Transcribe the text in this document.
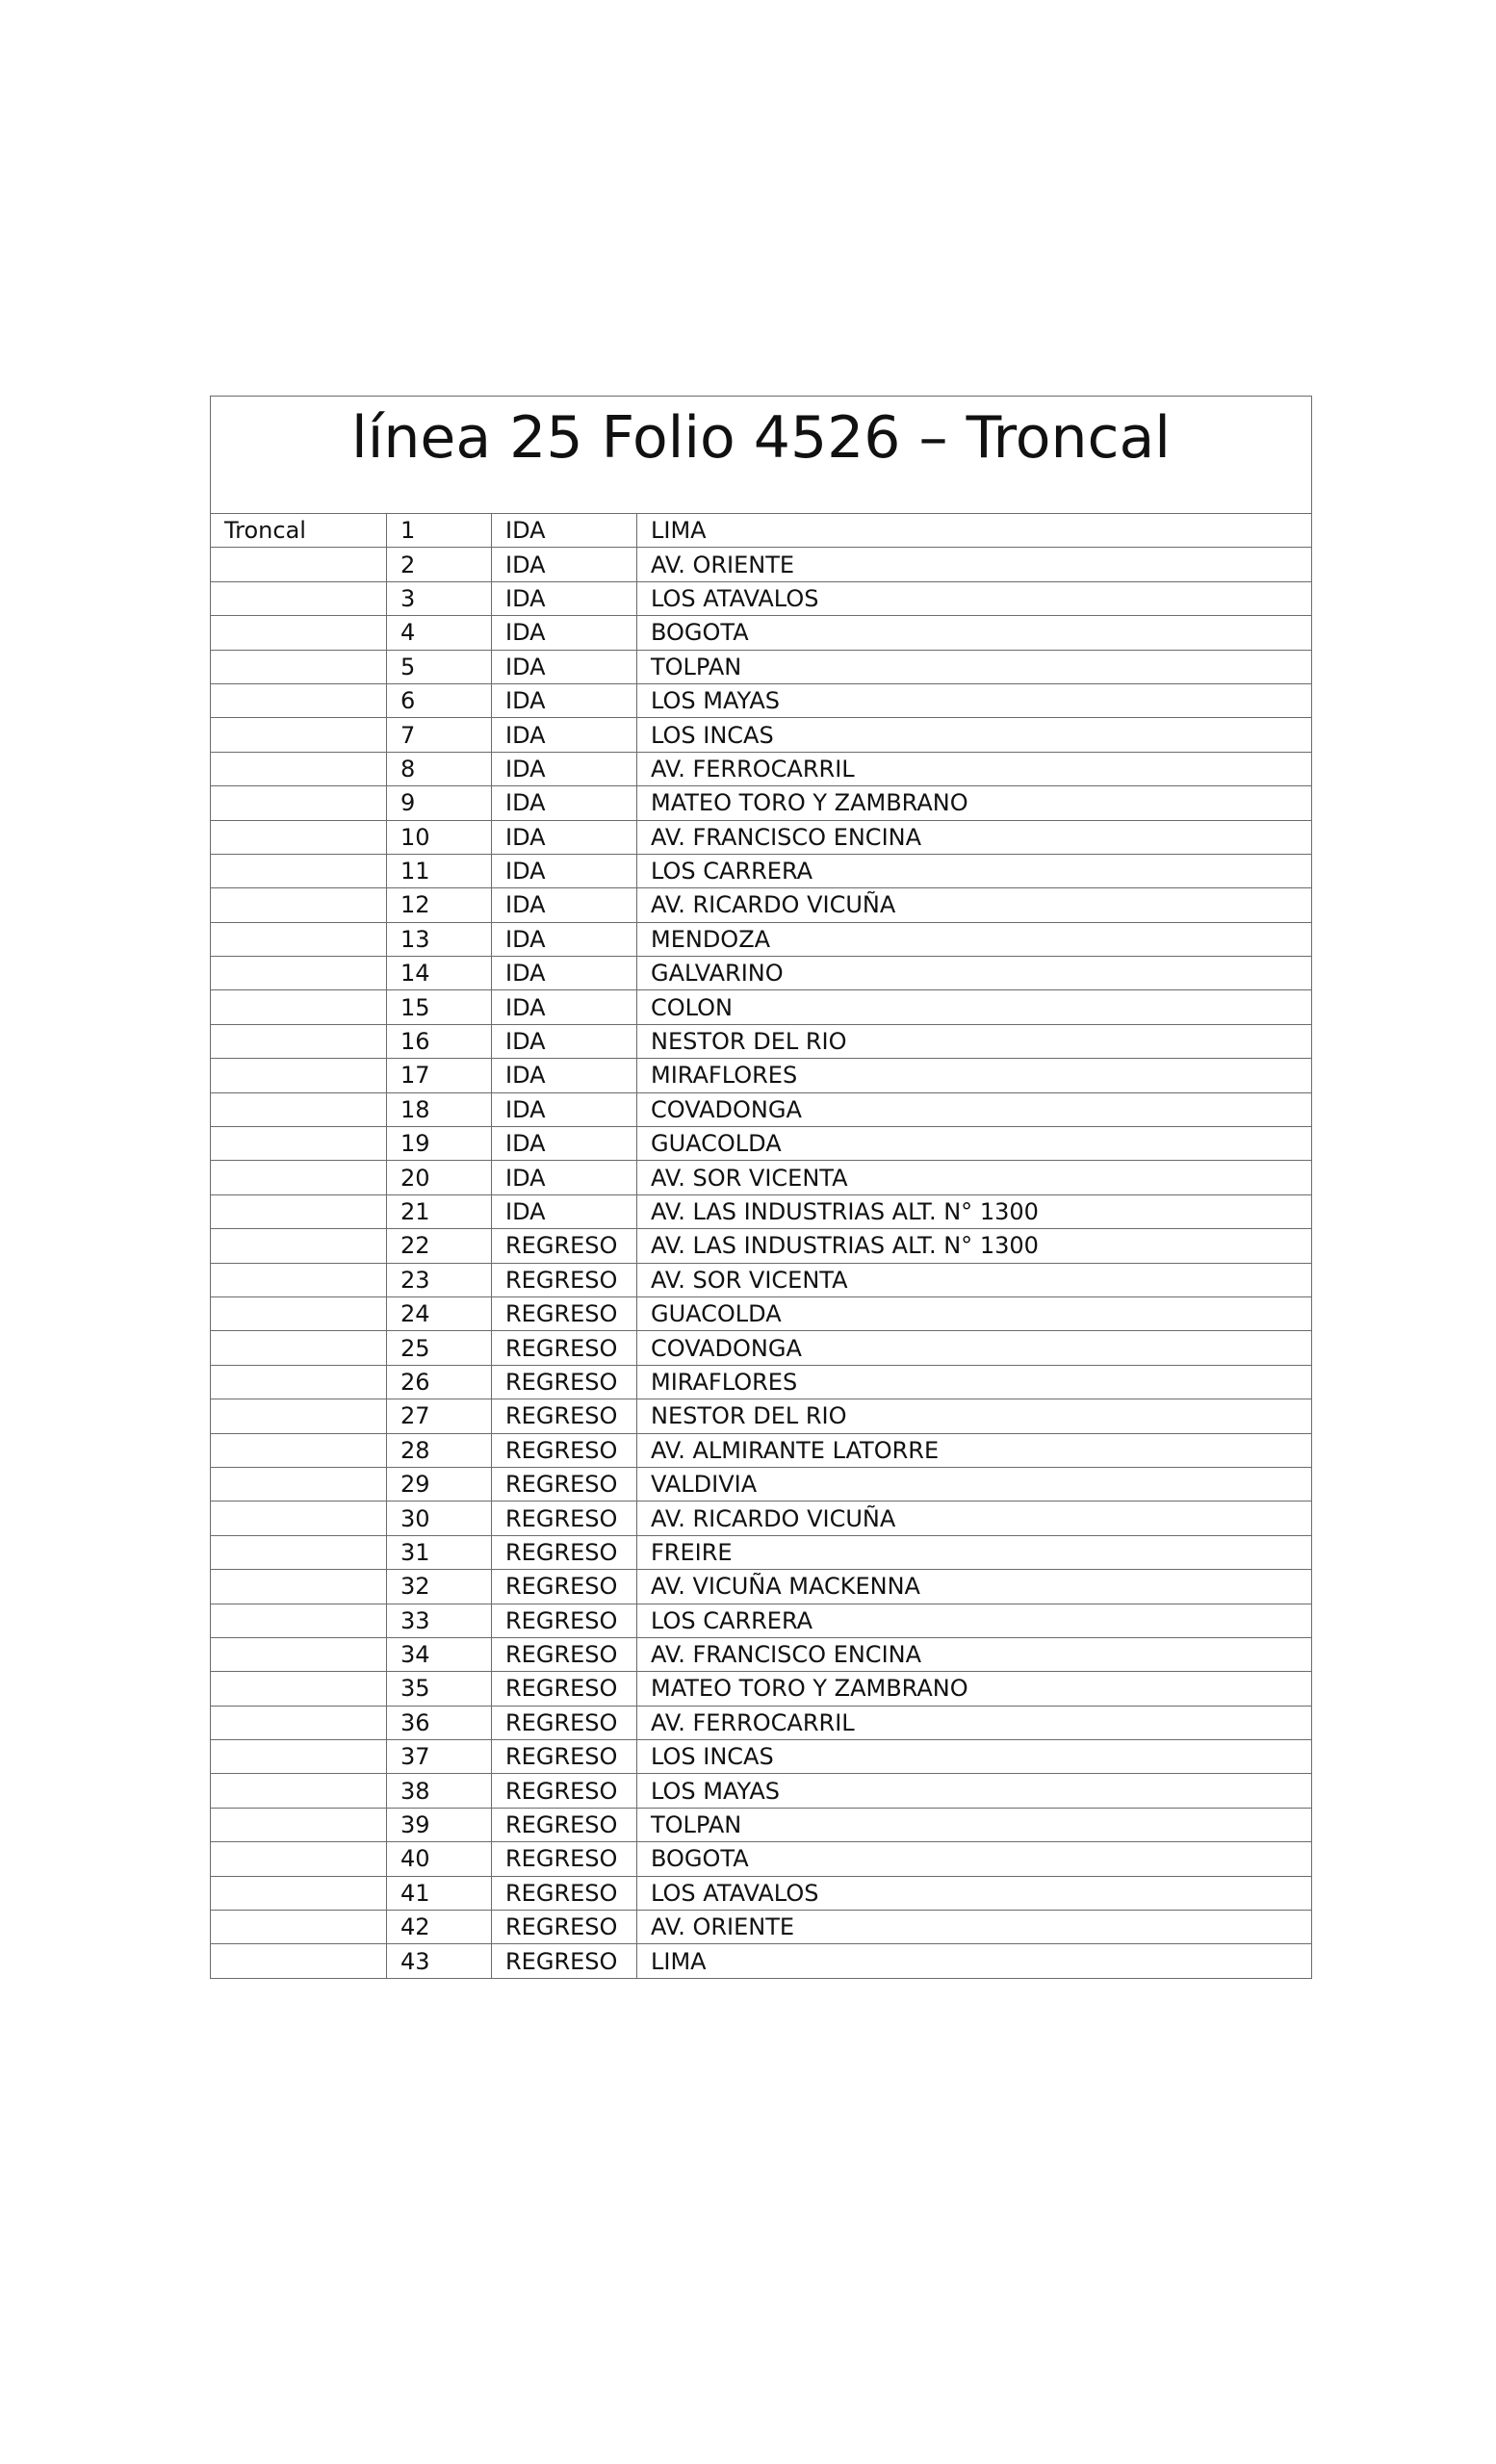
línea 25 Folio 4526 – Troncal			
Troncal	1	IDA	LIMA
	2	IDA	AV. ORIENTE
	3	IDA	LOS ATAVALOS
	4	IDA	BOGOTA
	5	IDA	TOLPAN
	6	IDA	LOS MAYAS
	7	IDA	LOS INCAS
	8	IDA	AV. FERROCARRIL
	9	IDA	MATEO TORO Y ZAMBRANO
	10	IDA	AV. FRANCISCO ENCINA
	11	IDA	LOS CARRERA
	12	IDA	AV. RICARDO VICUÑA
	13	IDA	MENDOZA
	14	IDA	GALVARINO
	15	IDA	COLON
	16	IDA	NESTOR DEL RIO
	17	IDA	MIRAFLORES
	18	IDA	COVADONGA
	19	IDA	GUACOLDA
	20	IDA	AV. SOR VICENTA
	21	IDA	AV. LAS INDUSTRIAS ALT. N° 1300
	22	REGRESO	AV. LAS INDUSTRIAS ALT. N° 1300
	23	REGRESO	AV. SOR VICENTA
	24	REGRESO	GUACOLDA
	25	REGRESO	COVADONGA
	26	REGRESO	MIRAFLORES
	27	REGRESO	NESTOR DEL RIO
	28	REGRESO	AV. ALMIRANTE LATORRE
	29	REGRESO	VALDIVIA
	30	REGRESO	AV. RICARDO VICUÑA
	31	REGRESO	FREIRE
	32	REGRESO	AV. VICUÑA MACKENNA
	33	REGRESO	LOS CARRERA
	34	REGRESO	AV. FRANCISCO ENCINA
	35	REGRESO	MATEO TORO Y ZAMBRANO
	36	REGRESO	AV. FERROCARRIL
	37	REGRESO	LOS INCAS
	38	REGRESO	LOS MAYAS
	39	REGRESO	TOLPAN
	40	REGRESO	BOGOTA
	41	REGRESO	LOS ATAVALOS
	42	REGRESO	AV. ORIENTE
	43	REGRESO	LIMA
